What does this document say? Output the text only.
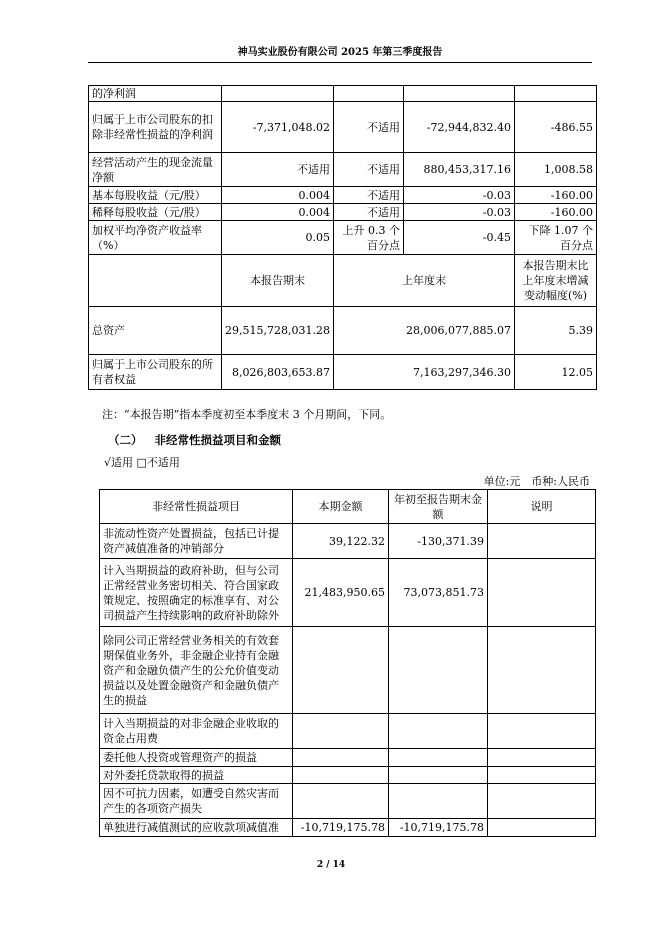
神马实业股份有限公司 2025 年第三季度报告
的净利润				
归属于上市公司股东的扣除非经常性损益的净利润	-7,371,048.02	不适用	-72,944,832.40	-486.55
经营活动产生的现金流量净额	不适用	不适用	880,453,317.16	1,008.58
基本每股收益（元/股）	0.004	不适用	-0.03	-160.00
稀释每股收益（元/股）	0.004	不适用	-0.03	-160.00
加权平均净资产收益率（%）	0.05	上升 0.3 个百分点	-0.45	下降 1.07 个百分点
	本报告期末	上年度末		本报告期末比上年度末增减变动幅度(%)
总资产	29,515,728,031.28	28,006,077,885.07		5.39
归属于上市公司股东的所有者权益	8,026,803,653.87	7,163,297,346.30		12.05
注：“本报告期”指本季度初至本季度末 3 个月期间，下同。
（二） 非经常性损益项目和金额
√适用 □不适用
单位:元　币种:人民币
非经常性损益项目	本期金额	年初至报告期末金额	说明
非流动性资产处置损益，包括已计提资产减值准备的冲销部分	39,122.32	-130,371.39	
计入当期损益的政府补助，但与公司正常经营业务密切相关、符合国家政策规定、按照确定的标准享有、对公司损益产生持续影响的政府补助除外	21,483,950.65	73,073,851.73	
除同公司正常经营业务相关的有效套期保值业务外，非金融企业持有金融资产和金融负债产生的公允价值变动损益以及处置金融资产和金融负债产生的损益			
计入当期损益的对非金融企业收取的资金占用费			
委托他人投资或管理资产的损益			
对外委托贷款取得的损益			
因不可抗力因素，如遭受自然灾害而产生的各项资产损失			
单独进行减值测试的应收款项减值准	-10,719,175.78	-10,719,175.78	
2 / 14
